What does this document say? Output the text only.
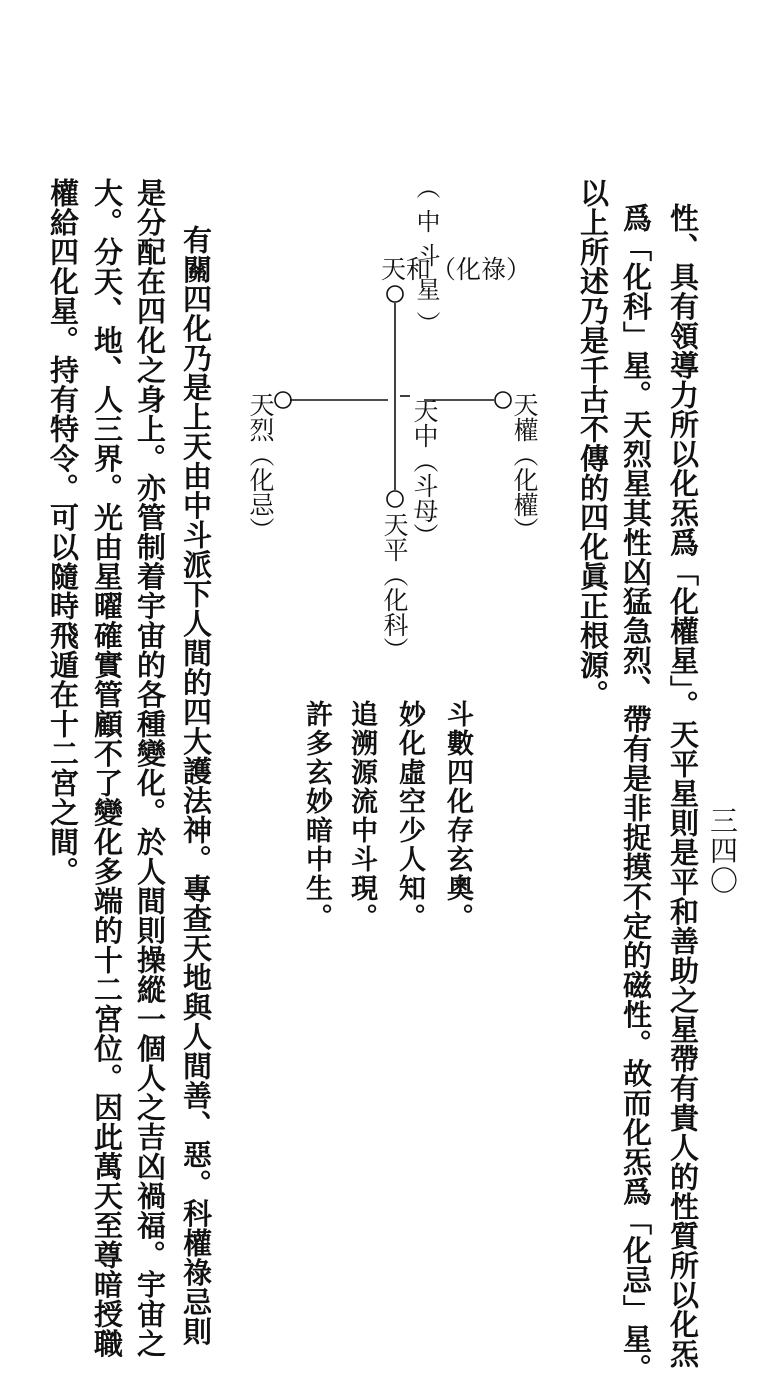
三四〇
性、具有領導力所以化炁爲「化權星」。天平星則是平和善助之星帶有貴人的性質所以化炁
爲「化科」星。天烈星其性凶猛急烈、帶有是非捉摸不定的磁性。故而化炁爲「化忌」星。
以上所述乃是千古不傳的四化眞正根源。
（中斗星）
天和（化祿）
天中（斗母）	天權（化權）
天烈（化忌）
天平（化科）
斗數四化存玄奧。
妙化虛空少人知。
追溯源流中斗現。
許多玄妙暗中生。
有關四化乃是上天由中斗派下人間的四大護法神。專查天地與人間善、惡。科權祿忌則
是分配在四化之身上。亦管制着宇宙的各種變化。於人間則操縱一個人之吉凶禍福。宇宙之
大。分天、地、人三界。光由星曜確實管顧不了變化多端的十二宮位。因此萬天至尊暗授職
權給四化星。持有特令。可以隨時飛遁在十二宮之間。
